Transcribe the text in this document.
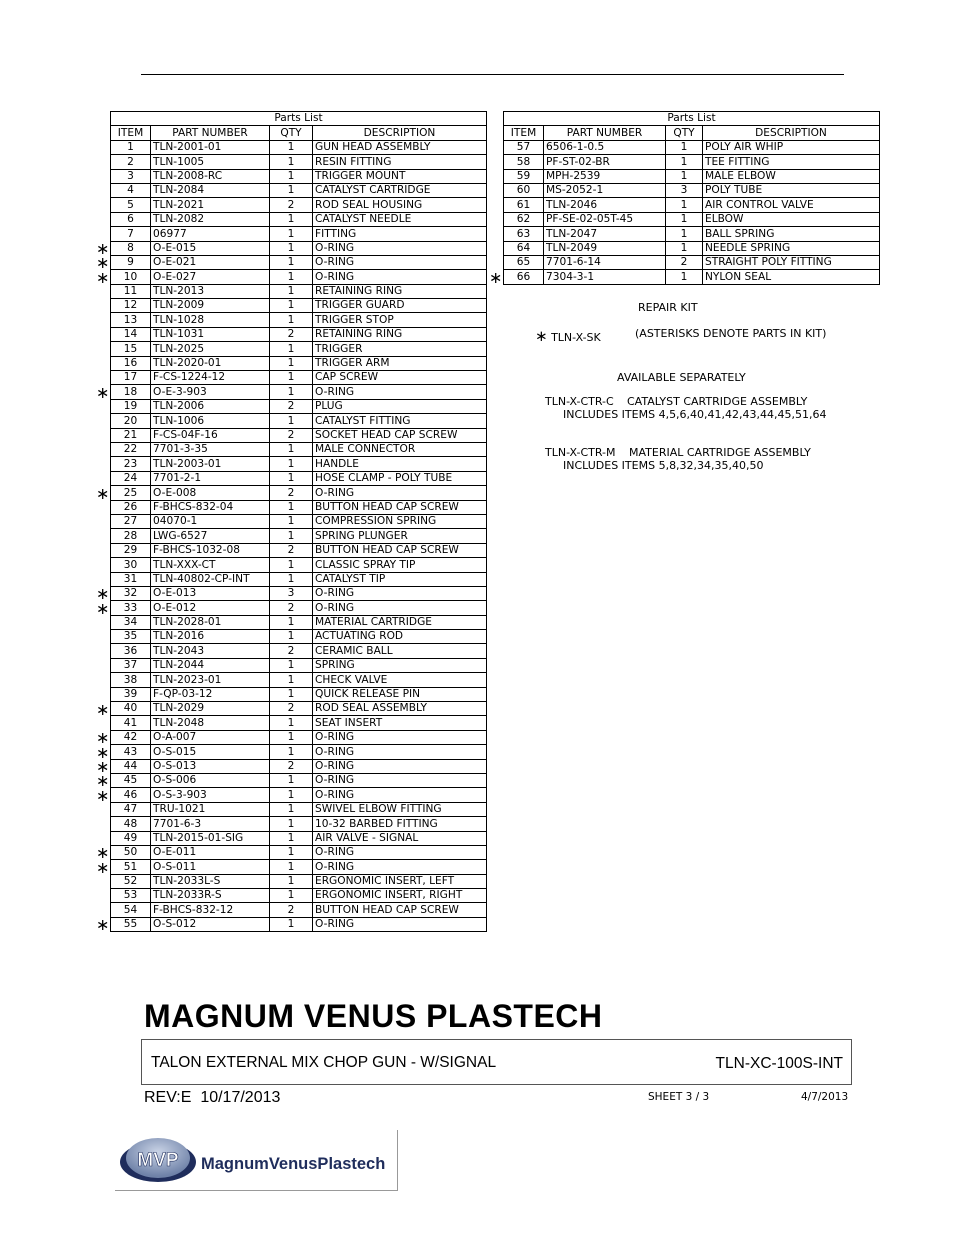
Parts List			
ITEM	PART NUMBER	QTY	DESCRIPTION
1	TLN-2001-01	1	GUN HEAD ASSEMBLY
2	TLN-1005	1	RESIN FITTING
3	TLN-2008-RC	1	TRIGGER MOUNT
4	TLN-2084	1	CATALYST CARTRIDGE
5	TLN-2021	2	ROD SEAL HOUSING
6	TLN-2082	1	CATALYST NEEDLE
7	06977	1	FITTING
8	O-E-015	1	O-RING
9	O-E-021	1	O-RING
10	O-E-027	1	O-RING
11	TLN-2013	1	RETAINING RING
12	TLN-2009	1	TRIGGER GUARD
13	TLN-1028	1	TRIGGER STOP
14	TLN-1031	2	RETAINING RING
15	TLN-2025	1	TRIGGER
16	TLN-2020-01	1	TRIGGER ARM
17	F-CS-1224-12	1	CAP SCREW
18	O-E-3-903	1	O-RING
19	TLN-2006	2	PLUG
20	TLN-1006	1	CATALYST FITTING
21	F-CS-04F-16	2	SOCKET HEAD CAP SCREW
22	7701-3-35	1	MALE CONNECTOR
23	TLN-2003-01	1	HANDLE
24	7701-2-1	1	HOSE CLAMP - POLY TUBE
25	O-E-008	2	O-RING
26	F-BHCS-832-04	1	BUTTON HEAD CAP SCREW
27	04070-1	1	COMPRESSION SPRING
28	LWG-6527	1	SPRING PLUNGER
29	F-BHCS-1032-08	2	BUTTON HEAD CAP SCREW
30	TLN-XXX-CT	1	CLASSIC SPRAY TIP
31	TLN-40802-CP-INT	1	CATALYST TIP
32	O-E-013	3	O-RING
33	O-E-012	2	O-RING
34	TLN-2028-01	1	MATERIAL CARTRIDGE
35	TLN-2016	1	ACTUATING ROD
36	TLN-2043	2	CERAMIC BALL
37	TLN-2044	1	SPRING
38	TLN-2023-01	1	CHECK VALVE
39	F-QP-03-12	1	QUICK RELEASE PIN
40	TLN-2029	2	ROD SEAL ASSEMBLY
41	TLN-2048	1	SEAT INSERT
42	O-A-007	1	O-RING
43	O-S-015	1	O-RING
44	O-S-013	2	O-RING
45	O-S-006	1	O-RING
46	O-S-3-903	1	O-RING
47	TRU-1021	1	SWIVEL ELBOW FITTING
48	7701-6-3	1	10-32 BARBED FITTING
49	TLN-2015-01-SIG	1	AIR VALVE - SIGNAL
50	O-E-011	1	O-RING
51	O-S-011	1	O-RING
52	TLN-2033L-S	1	ERGONOMIC INSERT, LEFT
53	TLN-2033R-S	1	ERGONOMIC INSERT, RIGHT
54	F-BHCS-832-12	2	BUTTON HEAD CAP SCREW
55	O-S-012	1	O-RING
Parts List			
ITEM	PART NUMBER	QTY	DESCRIPTION
57	6506-1-0.5	1	POLY AIR WHIP
58	PF-ST-02-BR	1	TEE FITTING
59	MPH-2539	1	MALE ELBOW
60	MS-2052-1	3	POLY TUBE
61	TLN-2046	1	AIR CONTROL VALVE
62	PF-SE-02-05T-45	1	ELBOW
63	TLN-2047	1	BALL SPRING
64	TLN-2049	1	NEEDLE SPRING
65	7701-6-14	2	STRAIGHT POLY FITTING
66	7304-3-1	1	NYLON SEAL
∗
∗
∗
∗
∗
∗
∗
∗
∗
∗
∗
∗
∗
∗
∗
∗
∗
REPAIR KIT
∗ TLN-X-SK	(ASTERISKS DENOTE PARTS IN KIT)
AVAILABLE SEPARATELY
TLN-X-CTR-C CATALYST CARTRIDGE ASSEMBLY
INCLUDES ITEMS 4,5,6,40,41,42,43,44,45,51,64
TLN-X-CTR-M MATERIAL CARTRIDGE ASSEMBLY
INCLUDES ITEMS 5,8,32,34,35,40,50
MAGNUM VENUS PLASTECH
TALON EXTERNAL MIX CHOP GUN - W/SIGNAL	TLN-XC-100S-INT
REV:E  10/17/2013	SHEET 3 / 3	4/7/2013
MVP MagnumVenusPlastech
